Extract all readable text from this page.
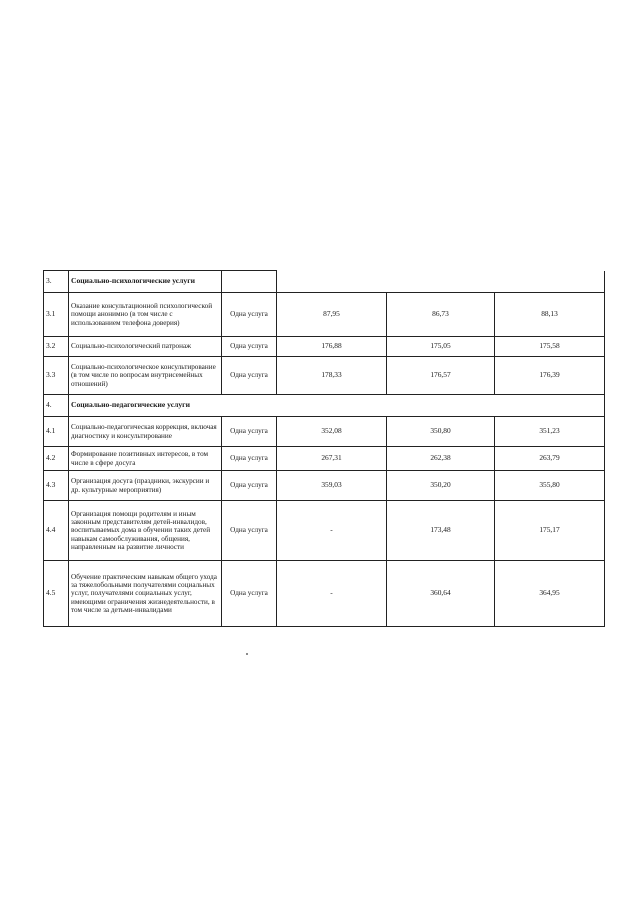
3.	Социально-психологические услуги				
3.1	Оказание консультационной психологической помощи анонимно (в том числе с использованием телефона доверия)	Одна услуга	87,95	86,73	88,13
3.2	Социально-психологический патронаж	Одна услуга	176,88	175,05	175,58
3.3	Социально-психологическое консультирование (в том числе по вопросам внутрисемейных отношений)	Одна услуга	178,33	176,57	176,39
4.	Социально-педагогические услуги				
4.1	Социально-педагогическая коррекция, включая диагностику и консультирование	Одна услуга	352,08	350,80	351,23
4.2	Формирование позитивных интересов, в том числе в сфере досуга	Одна услуга	267,31	262,38	263,79
4.3	Организация досуга (праздники, экскурсии и др. культурные мероприятия)	Одна услуга	359,03	350,20	355,80
4.4	Организация помощи родителям и иным законным представителям детей-инвалидов, воспитываемых дома в обучении таких детей навыкам самообслуживания, общения, направленным на развитие личности	Одна услуга	-	173,48	175,17
4.5	Обучение практическим навыкам общего ухода за тяжелобольными получателями социальных услуг, получателями социальных услуг, имеющими ограничения жизнедеятельности, в том числе за детьми-инвалидами	Одна услуга	-	360,64	364,95
